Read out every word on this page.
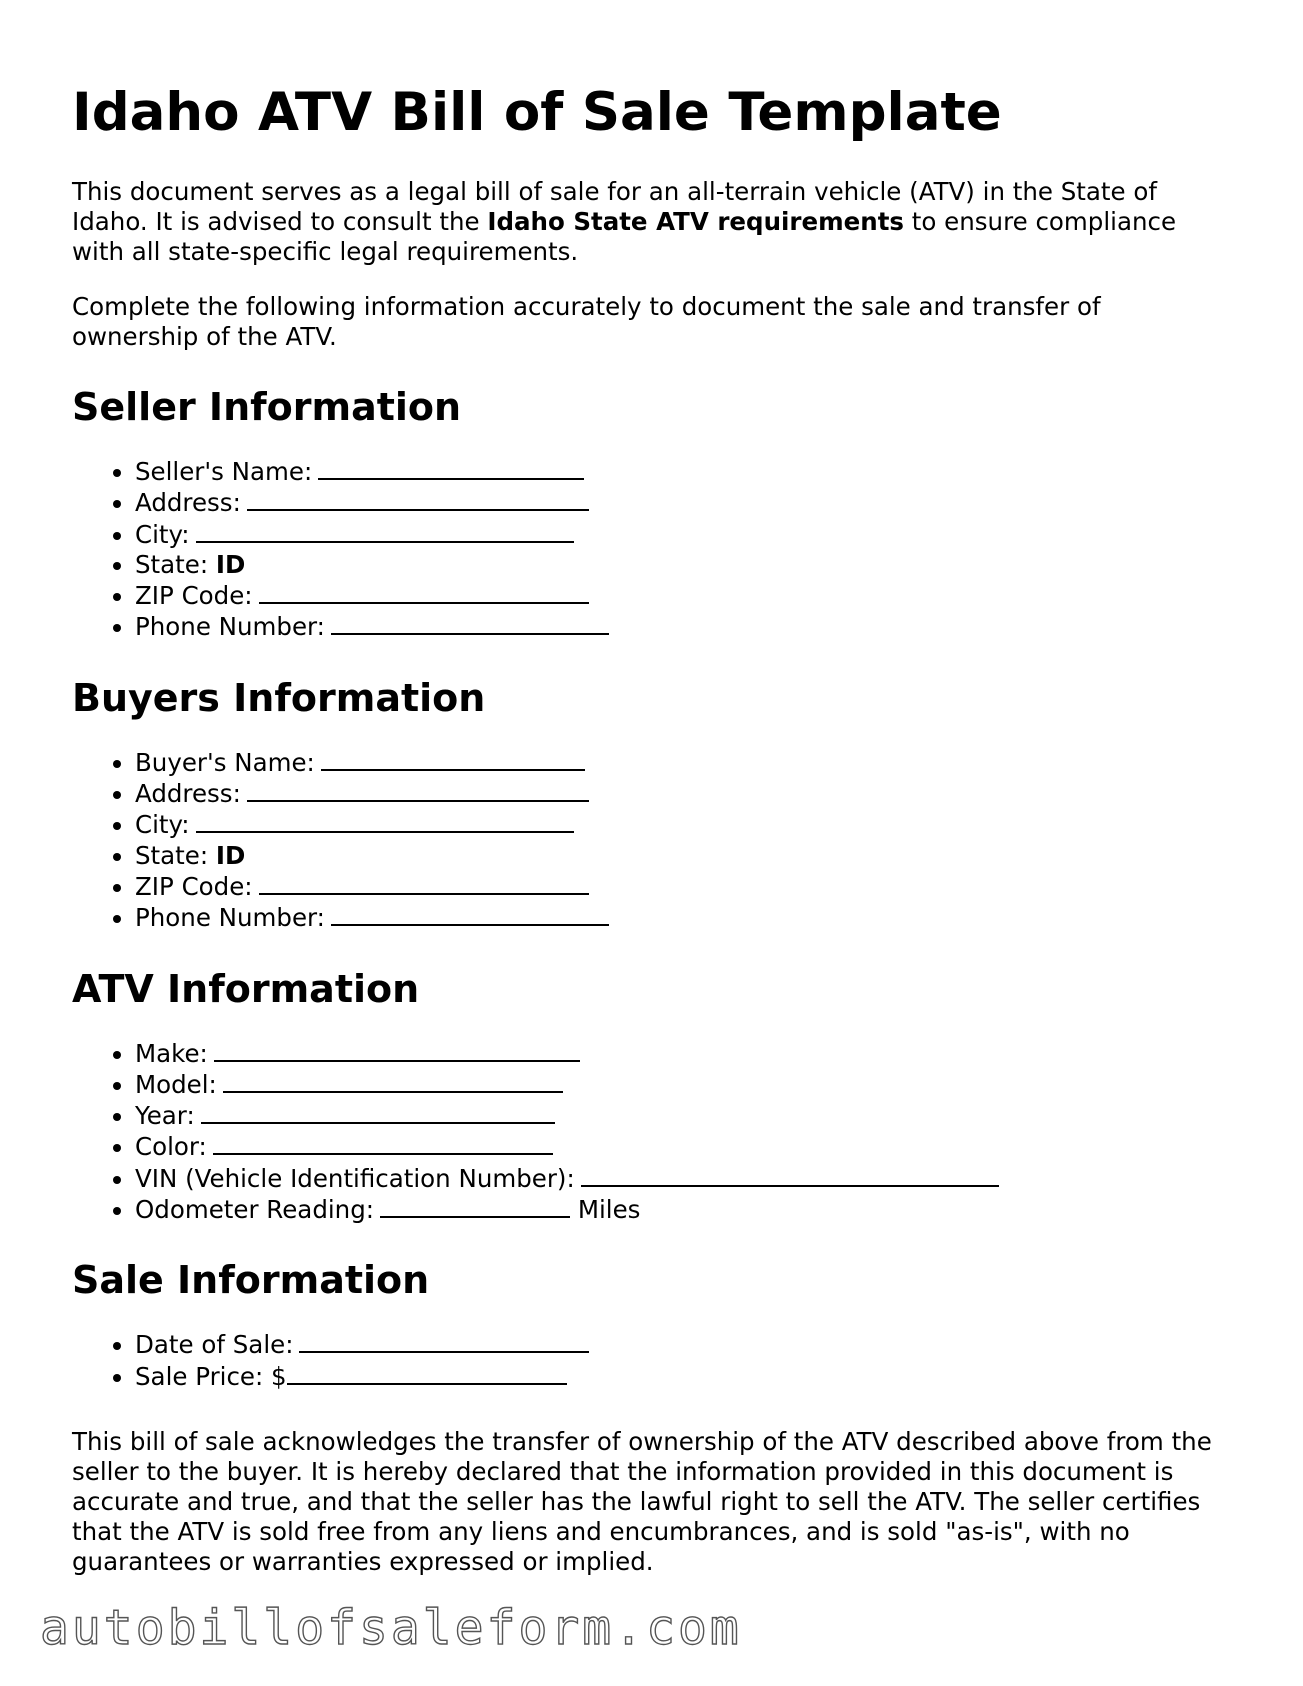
Idaho ATV Bill of Sale Template

This document serves as a legal bill of sale for an all-terrain vehicle (ATV) in the State of Idaho. It is advised to consult the Idaho State ATV requirements to ensure compliance with all state-specific legal requirements.

Complete the following information accurately to document the sale and transfer of ownership of the ATV.

Seller Information
• Seller's Name:
• Address:
• City:
• State: ID
• ZIP Code:
• Phone Number:
Buyers Information
• Buyer's Name:
• Address:
• City:
• State: ID
• ZIP Code:
• Phone Number:
ATV Information
• Make:
• Model:
• Year:
• Color:
• VIN (Vehicle Identification Number):
• Odometer Reading:	Miles
Sale Information
• Date of Sale:
• Sale Price: $

This bill of sale acknowledges the transfer of ownership of the ATV described above from the seller to the buyer. It is hereby declared that the information provided in this document is accurate and true, and that the seller has the lawful right to sell the ATV. The seller certifies that the ATV is sold free from any liens and encumbrances, and is sold "as-is", with no guarantees or warranties expressed or implied.

autobillofsaleform.com
